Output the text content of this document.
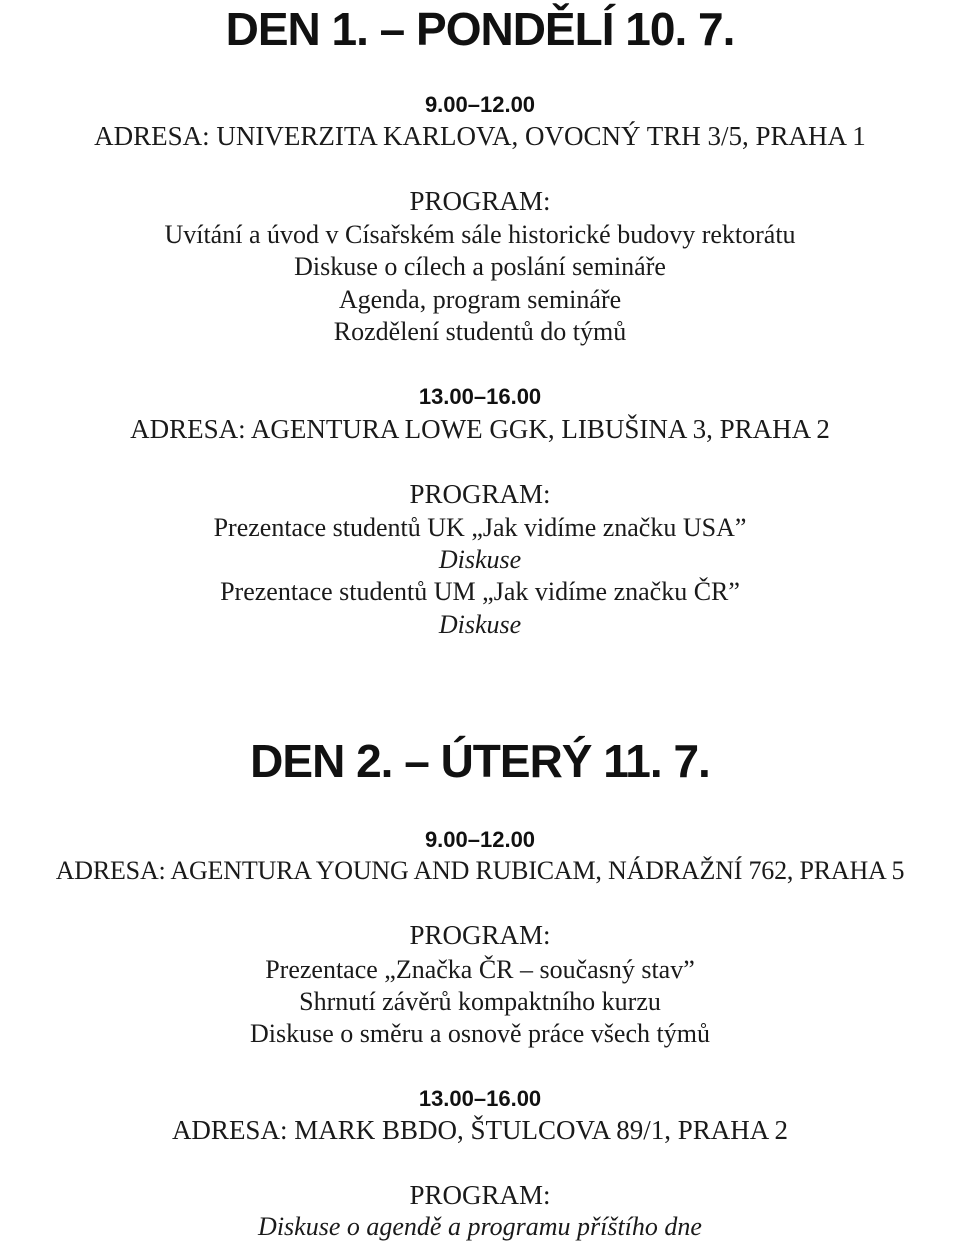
DEN 1. – PONDĚLÍ 10. 7.
9.00–12.00
ADRESA: UNIVERZITA KARLOVA, OVOCNÝ TRH 3/5, PRAHA 1
PROGRAM:
Uvítání a úvod v Císařském sále historické budovy rektorátu
Diskuse o cílech a poslání semináře
Agenda, program semináře
Rozdělení studentů do týmů
13.00–16.00
ADRESA: AGENTURA LOWE GGK, LIBUŠINA 3, PRAHA 2
PROGRAM:
Prezentace studentů UK „Jak vidíme značku USA”
Diskuse
Prezentace studentů UM „Jak vidíme značku ČR”
Diskuse
DEN 2. – ÚTERÝ 11. 7.
9.00–12.00
ADRESA: AGENTURA YOUNG AND RUBICAM, NÁDRAŽNÍ 762, PRAHA 5
PROGRAM:
Prezentace „Značka ČR – současný stav”
Shrnutí závěrů kompaktního kurzu
Diskuse o směru a osnově práce všech týmů
13.00–16.00
ADRESA: MARK BBDO, ŠTULCOVA 89/1, PRAHA 2
PROGRAM:
Diskuse o agendě a programu příštího dne
